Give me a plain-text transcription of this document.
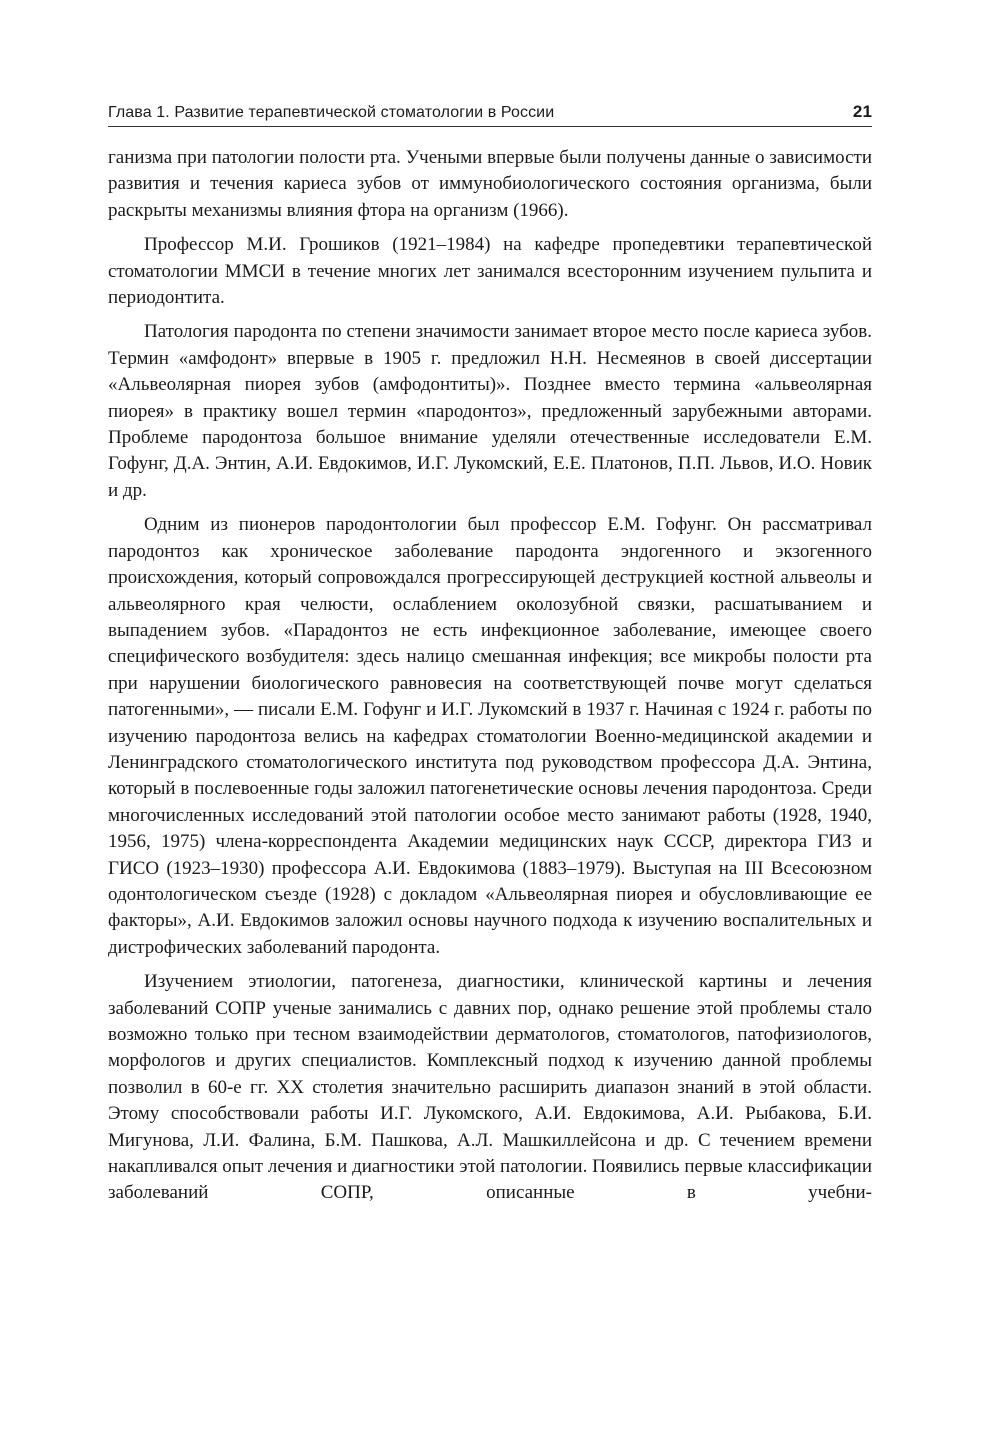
Глава 1. Развитие терапевтической стоматологии в России	21

ганизма при патологии полости рта. Учеными впервые были получены данные о зависимости развития и течения кариеса зубов от иммунобиологического состояния организма, были раскрыты механизмы влияния фтора на организм (1966).

Профессор М.И. Грошиков (1921–1984) на кафедре пропедевтики терапевтической стоматологии ММСИ в течение многих лет занимался всесторонним изучением пульпита и периодонтита.

Патология пародонта по степени значимости занимает второе место после кариеса зубов. Термин «амфодонт» впервые в 1905 г. предложил Н.Н. Несмеянов в своей диссертации «Альвеолярная пиорея зубов (амфодонтиты)». Позднее вместо термина «альвеолярная пиорея» в практику вошел термин «пародонтоз», предложенный зарубежными авторами. Проблеме пародонтоза большое внимание уделяли отечественные исследователи Е.М. Гофунг, Д.А. Энтин, А.И. Евдокимов, И.Г. Лукомский, Е.Е. Платонов, П.П. Львов, И.О. Новик и др.

Одним из пионеров пародонтологии был профессор Е.М. Гофунг. Он рассматривал пародонтоз как хроническое заболевание пародонта эндогенного и экзогенного происхождения, который сопровождался прогрессирующей деструкцией костной альвеолы и альвеолярного края челюсти, ослаблением околозубной связки, расшатыванием и выпадением зубов. «Парадонтоз не есть инфекционное заболевание, имеющее своего специфического возбудителя: здесь налицо смешанная инфекция; все микробы полости рта при нарушении биологического равновесия на соответствующей почве могут сделаться патогенными», — писали Е.М. Гофунг и И.Г. Лукомский в 1937 г. Начиная с 1924 г. работы по изучению пародонтоза велись на кафедрах стоматологии Военно-медицинской академии и Ленинградского стоматологического института под руководством профессора Д.А. Энтина, который в послевоенные годы заложил патогенетические основы лечения пародонтоза. Среди многочисленных исследований этой патологии особое место занимают работы (1928, 1940, 1956, 1975) члена-корреспондента Академии медицинских наук СССР, директора ГИЗ и ГИСО (1923–1930) профессора А.И. Евдокимова (1883–1979). Выступая на III Всесоюзном одонтологическом съезде (1928) с докладом «Альвеолярная пиорея и обусловливающие ее факторы», А.И. Евдокимов заложил основы научного подхода к изучению воспалительных и дистрофических заболеваний пародонта.

Изучением этиологии, патогенеза, диагностики, клинической картины и лечения заболеваний СОПР ученые занимались с давних пор, однако решение этой проблемы стало возможно только при тесном взаимодействии дерматологов, стоматологов, патофизиологов, морфологов и других специалистов. Комплексный подход к изучению данной проблемы позволил в 60-е гг. XX столетия значительно расширить диапазон знаний в этой области. Этому способствовали работы И.Г. Лукомского, А.И. Евдокимова, А.И. Рыбакова, Б.И. Мигунова, Л.И. Фалина, Б.М. Пашкова, А.Л. Машкиллейсона и др. С течением времени накапливался опыт лечения и диагностики этой патологии. Появились первые классификации заболеваний СОПР, описанные в учебни-
